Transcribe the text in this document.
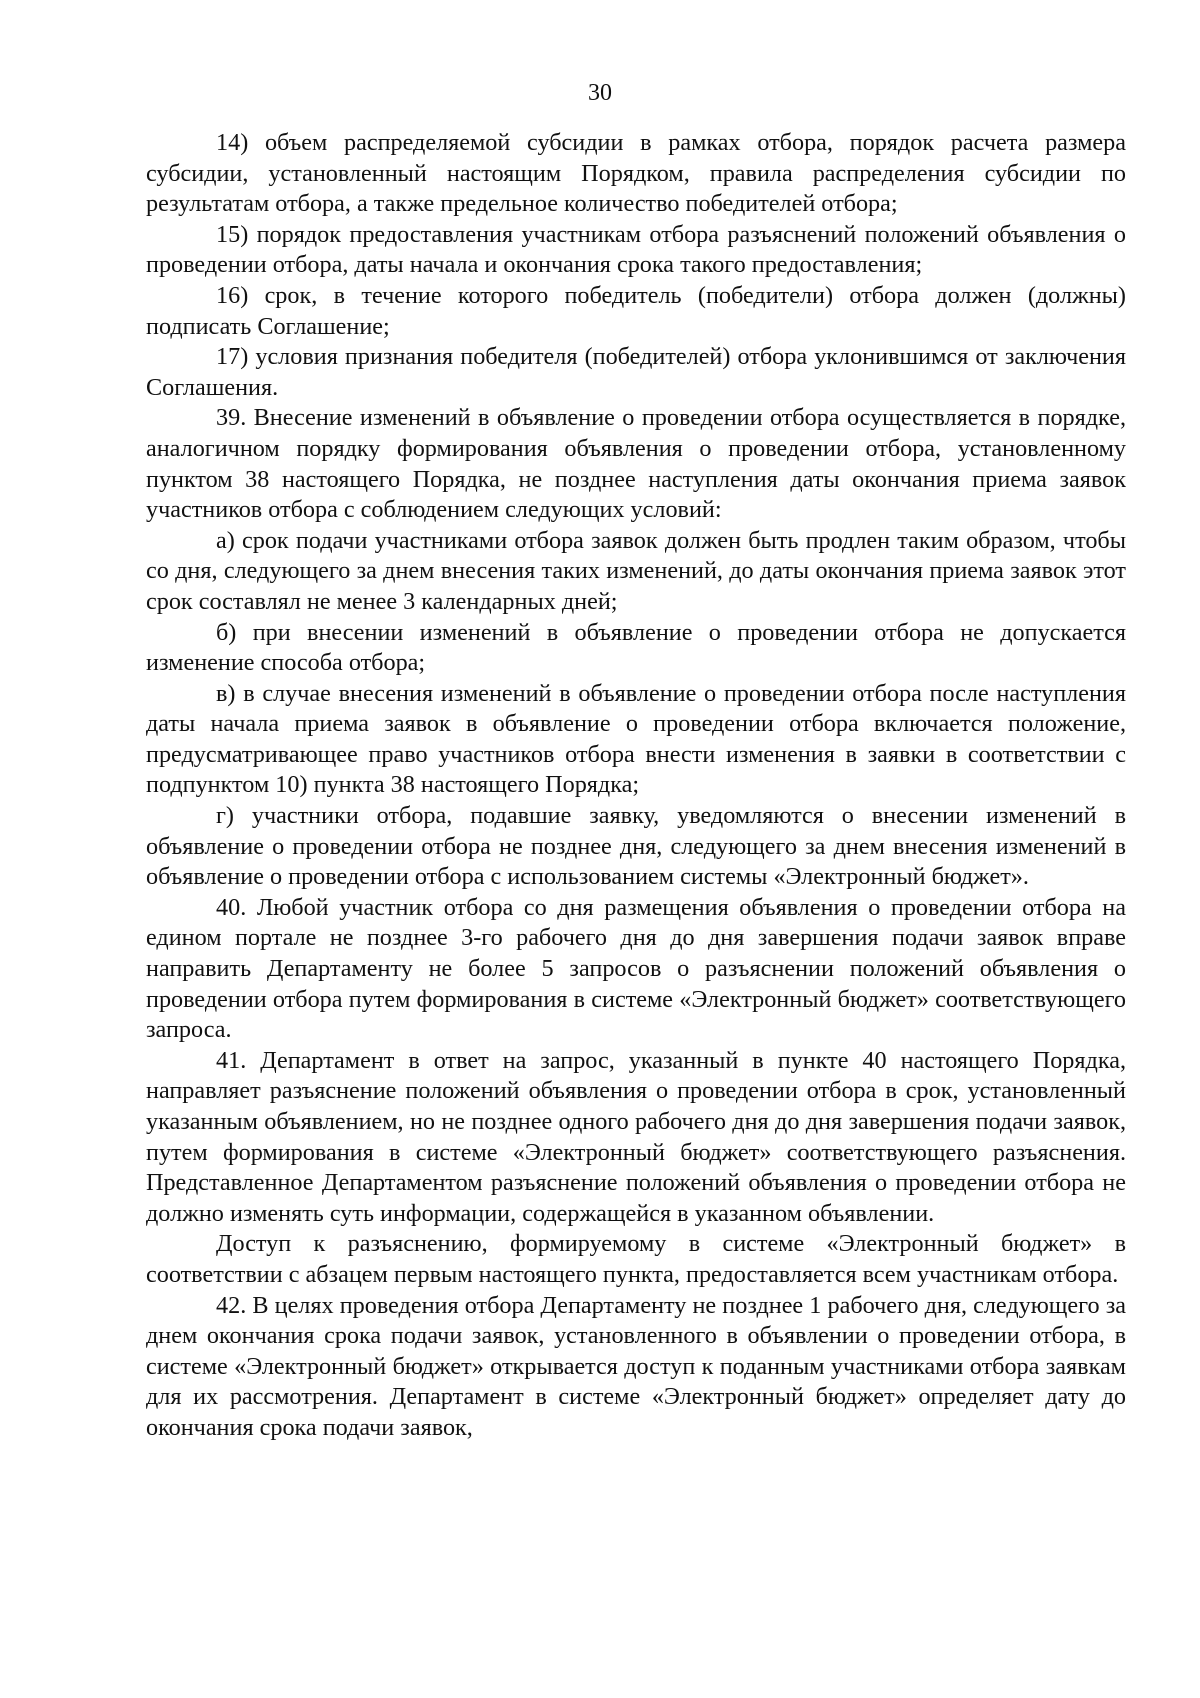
30

14) объем распределяемой субсидии в рамках отбора, порядок расчета размера субсидии, установленный настоящим Порядком, правила распределения субсидии по результатам отбора, а также предельное количество победителей отбора;

15) порядок предоставления участникам отбора разъяснений положений объявления о проведении отбора, даты начала и окончания срока такого предоставления;

16) срок, в течение которого победитель (победители) отбора должен (должны) подписать Соглашение;

17) условия признания победителя (победителей) отбора уклонившимся от заключения Соглашения.

39. Внесение изменений в объявление о проведении отбора осуществляется в порядке, аналогичном порядку формирования объявления о проведении отбора, установленному пунктом 38 настоящего Порядка, не позднее наступления даты окончания приема заявок участников отбора с соблюдением следующих условий:

а) срок подачи участниками отбора заявок должен быть продлен таким образом, чтобы со дня, следующего за днем внесения таких изменений, до даты окончания приема заявок этот срок составлял не менее 3 календарных дней;

б) при внесении изменений в объявление о проведении отбора не допускается изменение способа отбора;

в) в случае внесения изменений в объявление о проведении отбора после наступления даты начала приема заявок в объявление о проведении отбора включается положение, предусматривающее право участников отбора внести изменения в заявки в соответствии с подпунктом 10) пункта 38 настоящего Порядка;

г) участники отбора, подавшие заявку, уведомляются о внесении изменений в объявление о проведении отбора не позднее дня, следующего за днем внесения изменений в объявление о проведении отбора с использованием системы «Электронный бюджет».

40. Любой участник отбора со дня размещения объявления о проведении отбора на едином портале не позднее 3-го рабочего дня до дня завершения подачи заявок вправе направить Департаменту не более 5 запросов о разъяснении положений объявления о проведении отбора путем формирования в системе «Электронный бюджет» соответствующего запроса.

41. Департамент в ответ на запрос, указанный в пункте 40 настоящего Порядка, направляет разъяснение положений объявления о проведении отбора в срок, установленный указанным объявлением, но не позднее одного рабочего дня до дня завершения подачи заявок, путем формирования в системе «Электронный бюджет» соответствующего разъяснения. Представленное Департаментом разъяснение положений объявления о проведении отбора не должно изменять суть информации, содержащейся в указанном объявлении.

Доступ к разъяснению, формируемому в системе «Электронный бюджет» в соответствии с абзацем первым настоящего пункта, предоставляется всем участникам отбора.

42. В целях проведения отбора Департаменту не позднее 1 рабочего дня, следующего за днем окончания срока подачи заявок, установленного в объявлении о проведении отбора, в системе «Электронный бюджет» открывается доступ к поданным участниками отбора заявкам для их рассмотрения. Департамент в системе «Электронный бюджет» определяет дату до окончания срока подачи заявок,
